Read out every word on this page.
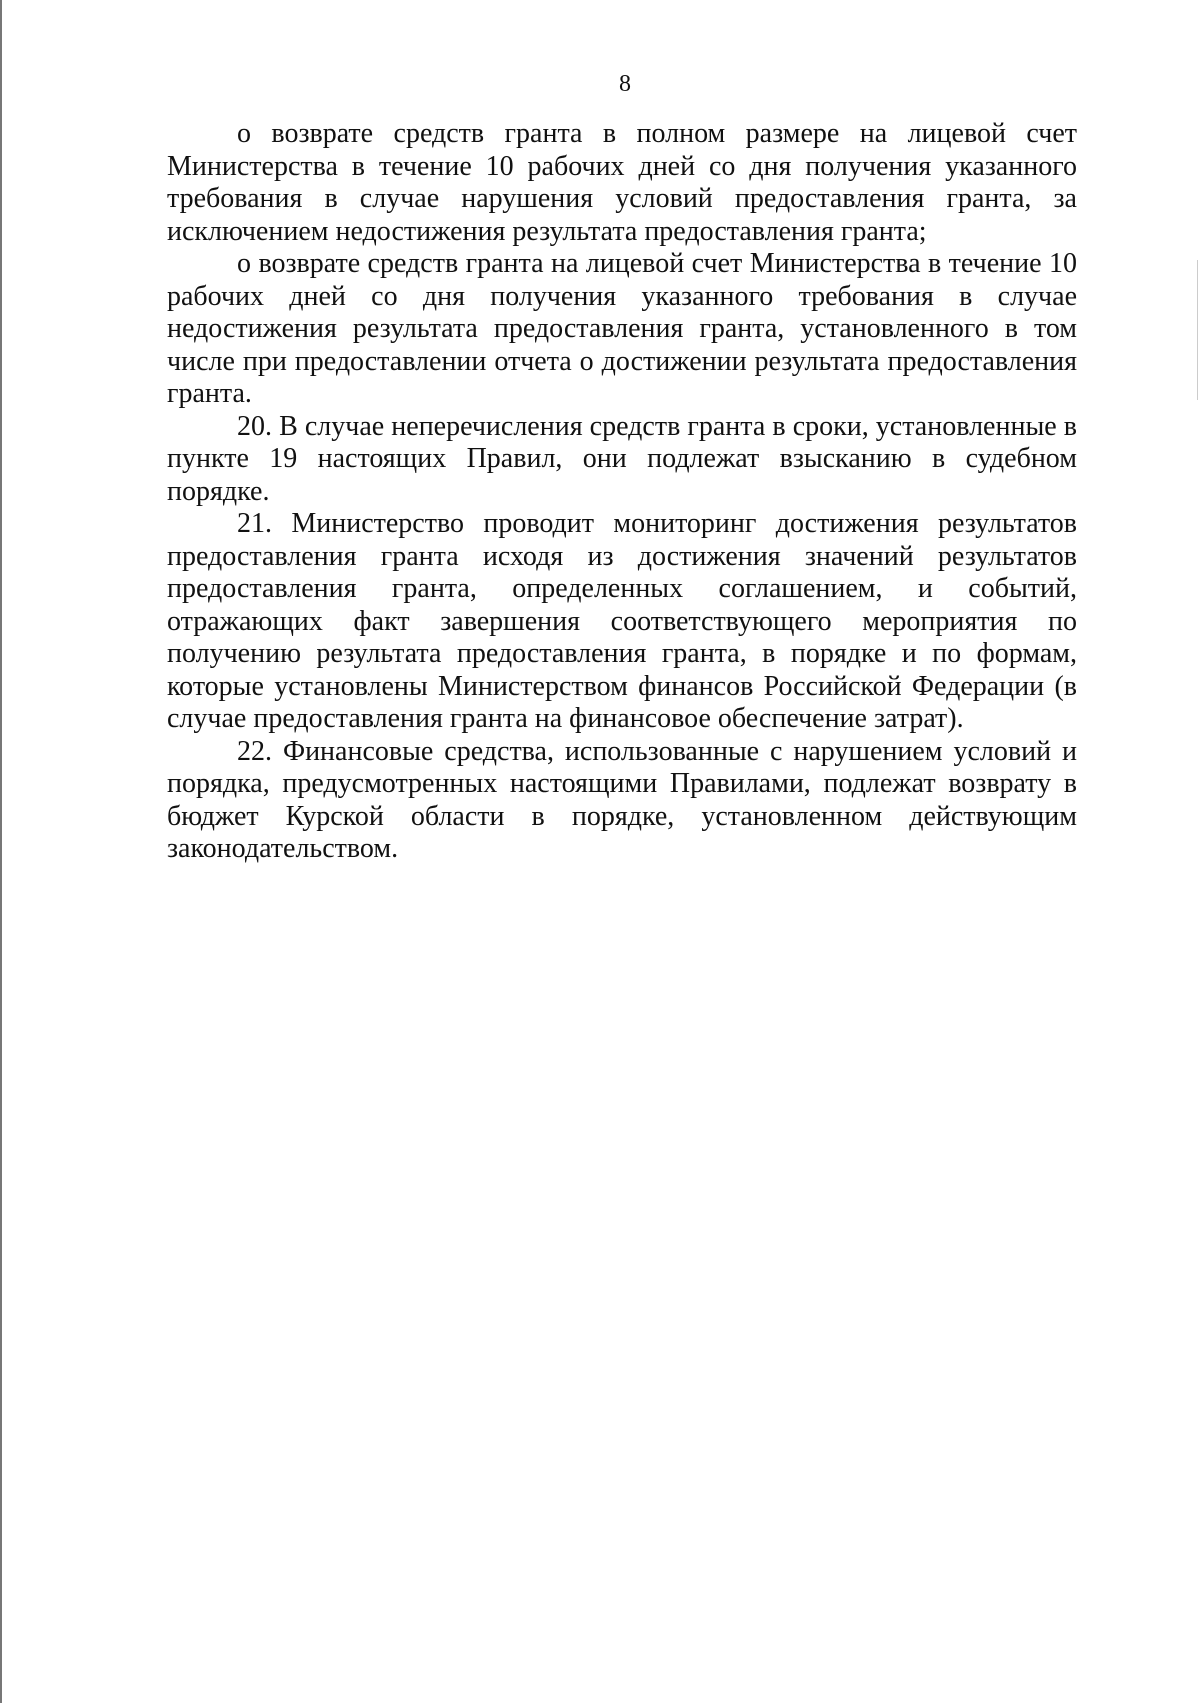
8

о возврате средств гранта в полном размере на лицевой счет Министерства в течение 10 рабочих дней со дня получения указанного требования в случае нарушения условий предоставления гранта, за исключением недостижения результата предоставления гранта;

о возврате средств гранта на лицевой счет Министерства в течение 10 рабочих дней со дня получения указанного требования в случае недостижения результата предоставления гранта, установленного в том числе при предоставлении отчета о достижении результата предоставления гранта.

20. В случае неперечисления средств гранта в сроки, установленные в пункте 19 настоящих Правил, они подлежат взысканию в судебном порядке.

21. Министерство проводит мониторинг достижения результатов предоставления гранта исходя из достижения значений результатов предоставления гранта, определенных соглашением, и событий, отражающих факт завершения соответствующего мероприятия по получению результата предоставления гранта, в порядке и по формам, которые установлены Министерством финансов Российской Федерации (в случае предоставления гранта на финансовое обеспечение затрат).

22. Финансовые средства, использованные с нарушением условий и порядка, предусмотренных настоящими Правилами, подлежат возврату в бюджет Курской области в порядке, установленном действующим законодательством.
